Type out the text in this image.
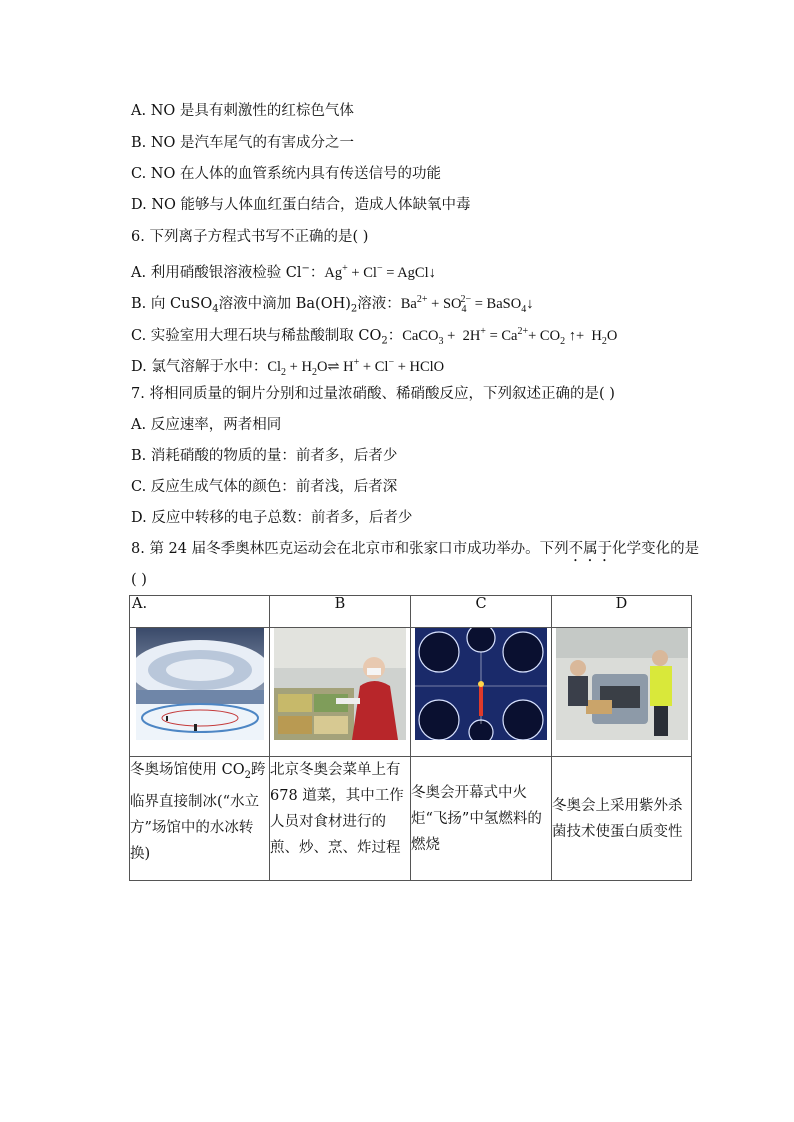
A. NO 是具有刺激性的红棕色气体
B. NO 是汽车尾气的有害成分之一
C. NO 在人体的血管系统内具有传送信号的功能
D. NO 能够与人体血红蛋白结合，造成人体缺氧中毒
6. 下列离子方程式书写不正确的是( )
A. 利用硝酸银溶液检验 Cl−：Ag+ + Cl− = AgCl↓
B. 向 CuSO$_4$溶液中滴加 $Ba(OH)_2$溶液：$Ba^{2+} + SO_4^{2-}$ = BaSO$_4$↓
C. 实验室用大理石块与稀盐酸制取 $CO_2$：CaCO$_3$ +  $2H^+ = Ca^{2+}+ CO_2$ ↑+  $H_2O$
D. 氯气溶解于水中：$Cl_2$ + $H_2O\rightleftharpoons$ H+ + Cl− + HClO
7. 将相同质量的铜片分别和过量浓硝酸、稀硝酸反应，下列叙述正确的是( )
A. 反应速率，两者相同
B. 消耗硝酸的物质的量：前者多，后者少
C. 反应生成气体的颜色：前者浅，后者深
D. 反应中转移的电子总数：前者多，后者少
8. 第 24 届冬季奥林匹克运动会在北京市和张家口市成功举办。下列不属于化学变化的是
( )
A.	B	C	D

冬奥场馆使用 $CO_2$跨临界直接制冰(“水立方”场馆中的水冰转换)	北京冬奥会菜单上有 678 道菜，其中工作人员对食材进行的煎、炒、烹、炸过程	冬奥会开幕式中火炬“飞扬”中氢燃料的燃烧	冬奥会上采用紫外杀菌技术使蛋白质变性
